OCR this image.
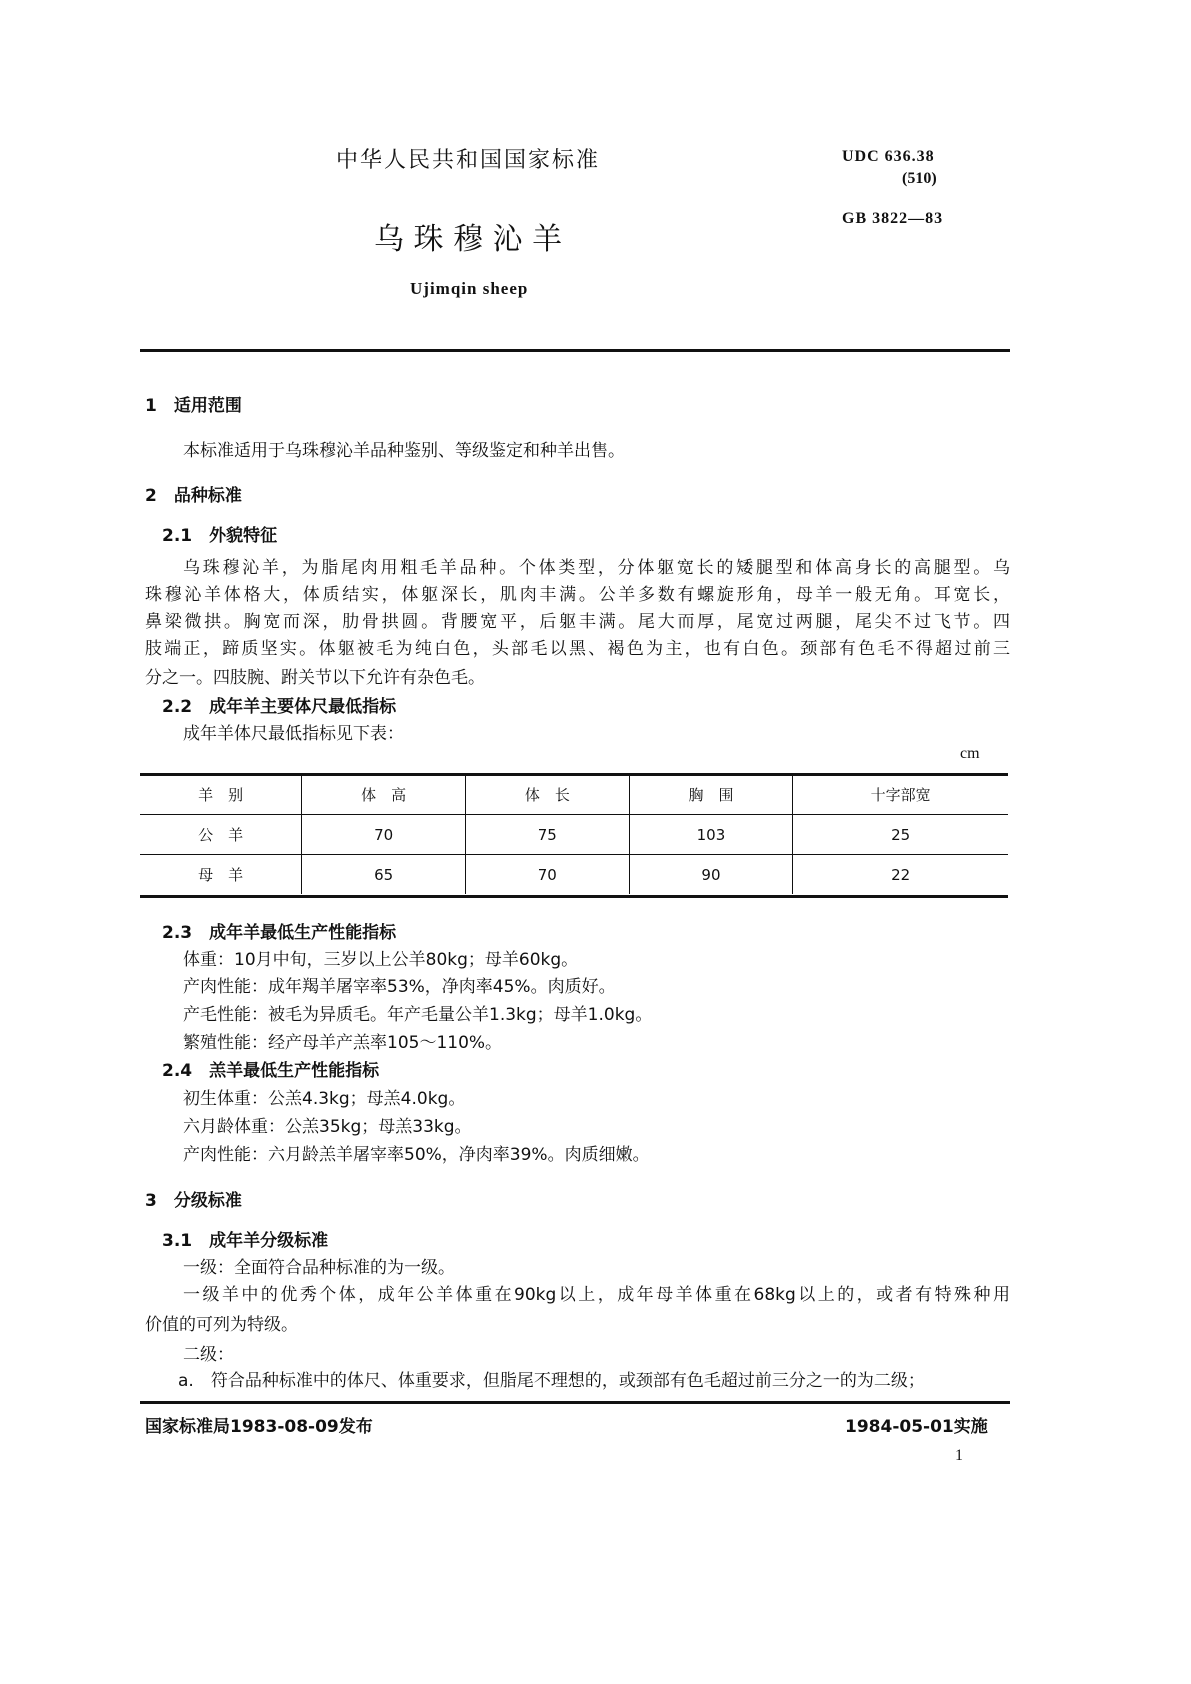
中华人民共和国国家标准	UDC 636.38
(510)
GB 3822—83
乌 珠 穆 沁 羊
Ujimqin sheep
1　适用范围
本标准适用于乌珠穆沁羊品种鉴别、等级鉴定和种羊出售。
2　品种标准
2.1　外貌特征
乌珠穆沁羊，为脂尾肉用粗毛羊品种。个体类型，分体躯宽长的矮腿型和体高身长的高腿型。乌
珠穆沁羊体格大，体质结实，体躯深长，肌肉丰满。公羊多数有螺旋形角，母羊一般无角。耳宽长，
鼻梁微拱。胸宽而深，肋骨拱圆。背腰宽平，后躯丰满。尾大而厚，尾宽过两腿，尾尖不过飞节。四
肢端正，蹄质坚实。体躯被毛为纯白色，头部毛以黑、褐色为主，也有白色。颈部有色毛不得超过前三
分之一。四肢腕、跗关节以下允许有杂色毛。
2.2　成年羊主要体尺最低指标
成年羊体尺最低指标见下表：
cm
羊　别	体　高	体　长	胸　围	十字部宽
公　羊	70	75	103	25
母　羊	65	70	90	22
2.3　成年羊最低生产性能指标
体重：10月中旬，三岁以上公羊80kg；母羊60kg。
产肉性能：成年羯羊屠宰率53%，净肉率45%。肉质好。
产毛性能：被毛为异质毛。年产毛量公羊1.3kg；母羊1.0kg。
繁殖性能：经产母羊产羔率105～110%。
2.4　羔羊最低生产性能指标
初生体重：公羔4.3kg；母羔4.0kg。
六月龄体重：公羔35kg；母羔33kg。
产肉性能：六月龄羔羊屠宰率50%，净肉率39%。肉质细嫩。
3　分级标准
3.1　成年羊分级标准
一级：全面符合品种标准的为一级。
一级羊中的优秀个体，成年公羊体重在90kg以上，成年母羊体重在68kg以上的，或者有特殊种用
价值的可列为特级。
二级：
a.　符合品种标准中的体尺、体重要求，但脂尾不理想的，或颈部有色毛超过前三分之一的为二级；
国家标准局1983-08-09发布	1984-05-01实施
1
